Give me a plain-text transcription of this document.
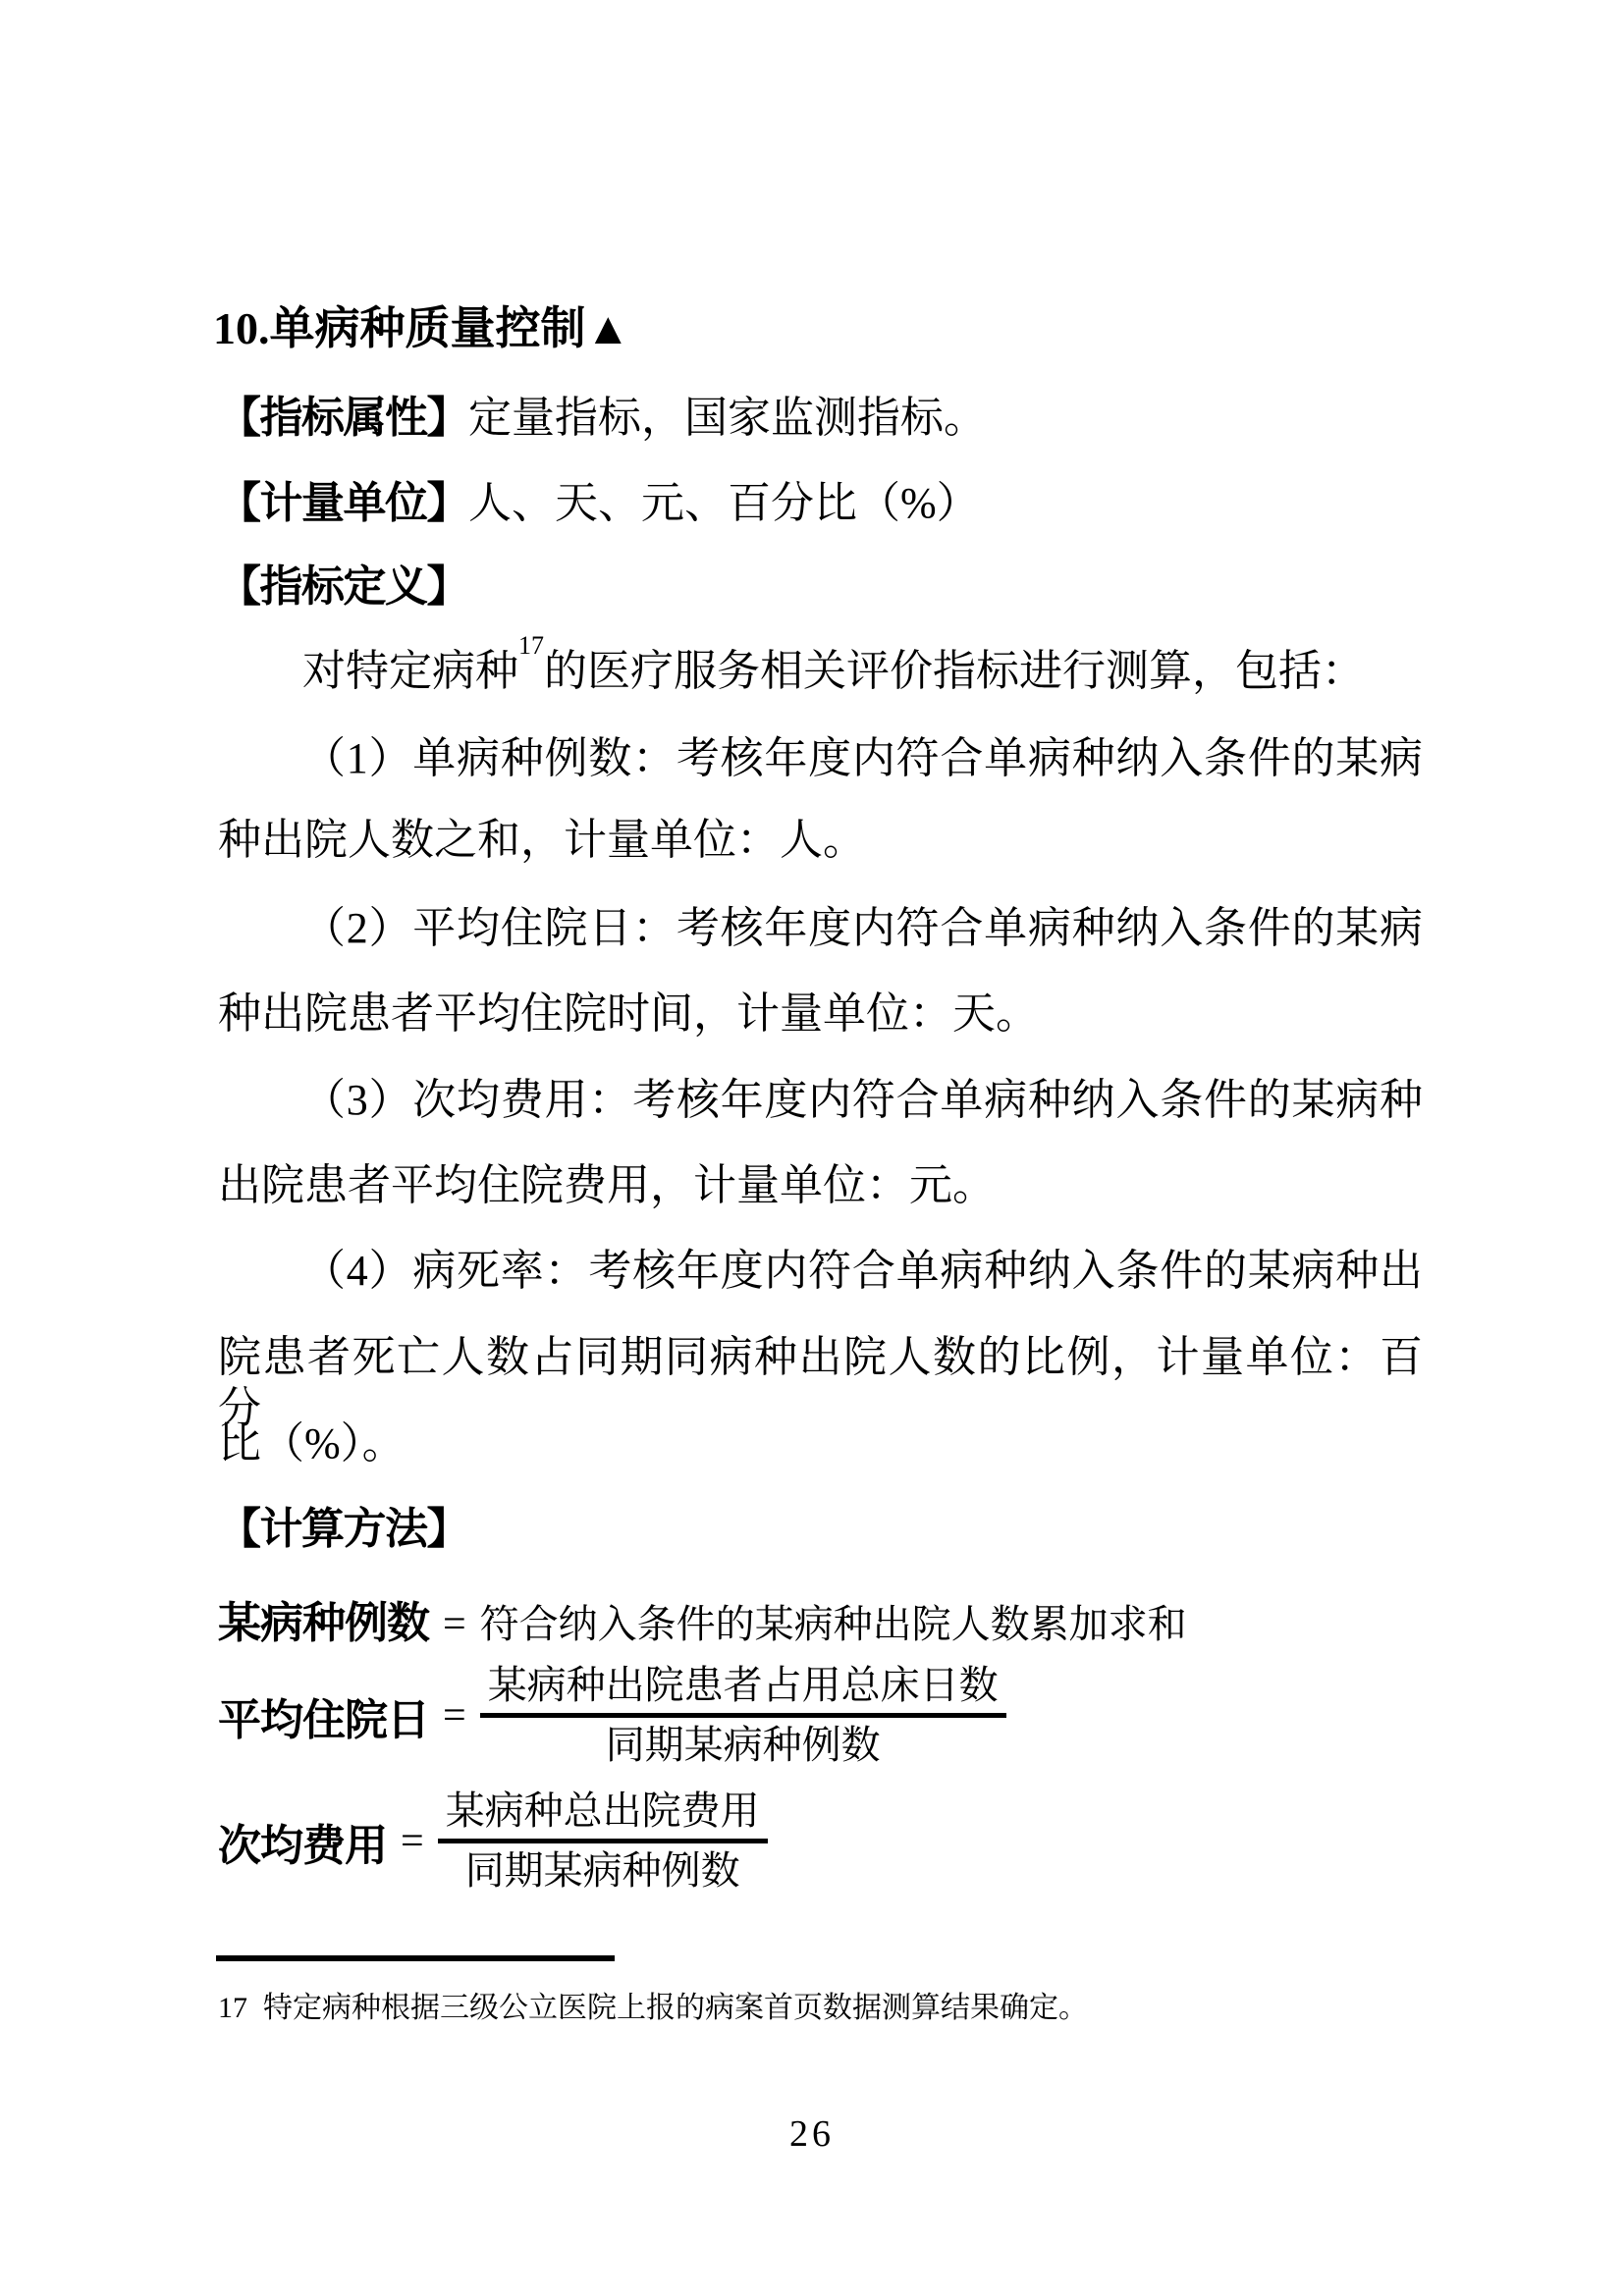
10.单病种质量控制▲
【指标属性】定量指标，国家监测指标。
【计量单位】人、天、元、百分比（%）
【指标定义】
对特定病种$^{17}$的医疗服务相关评价指标进行测算，包括：
（1）单病种例数：考核年度内符合单病种纳入条件的某病
种出院人数之和，计量单位：人。
（2）平均住院日：考核年度内符合单病种纳入条件的某病
种出院患者平均住院时间，计量单位：天。
（3）次均费用：考核年度内符合单病种纳入条件的某病种
出院患者平均住院费用，计量单位：元。
（4）病死率：考核年度内符合单病种纳入条件的某病种出
院患者死亡人数占同期同病种出院人数的比例，计量单位：百分
比（%）。
【计算方法】
某病种例数 = 符合纳入条件的某病种出院人数累加求和
平均住院日 = $\frac{\text{某病种出院患者占用总床日数}}{\text{同期某病种例数}}$
次均费用 = $\frac{\text{某病种总出院费用}}{\text{同期某病种例数}}$
17 特定病种根据三级公立医院上报的病案首页数据测算结果确定。
26
